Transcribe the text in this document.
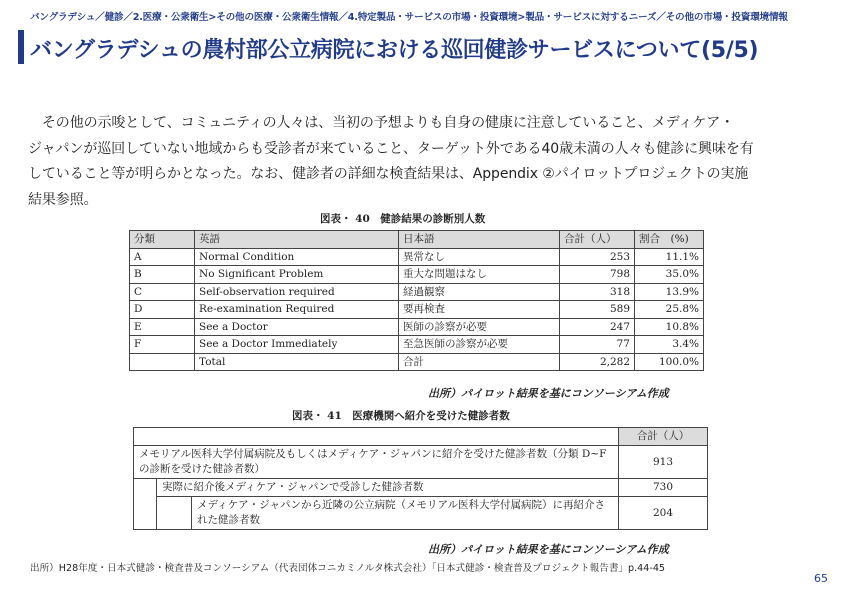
バングラデシュ／健診／2.医療・公衆衛生>その他の医療・公衆衛生情報／4.特定製品・サービスの市場・投資環境>製品・サービスに対するニーズ／その他の市場・投資環境情報
バングラデシュの農村部公立病院における巡回健診サービスについて(5/5)
　その他の示唆として、コミュニティの人々は、当初の予想よりも自身の健康に注意していること、メディケア・
ジャパンが巡回していない地域からも受診者が来ていること、ターゲット外である40歳未満の人々も健診に興味を有
していること等が明らかとなった。なお、健診者の詳細な検査結果は、Appendix ②パイロットプロジェクトの実施
結果参照。
図表・ 40　健診結果の診断別人数
分類	英語	日本語	合計（人）	割合　(%)
A	Normal Condition	異常なし	253	11.1%
B	No Significant Problem	重大な問題はなし	798	35.0%
C	Self-observation required	経過観察	318	13.9%
D	Re-examination Required	要再検査	589	25.8%
E	See a Doctor	医師の診察が必要	247	10.8%
F	See a Doctor Immediately	至急医師の診察が必要	77	3.4%
	Total	合計	2,282	100.0%
出所）パイロット結果を基にコンソーシアム作成
図表・ 41　医療機関へ紹介を受けた健診者数
			合計（人）
メモリアル医科大学付属病院及もしくはメディケア・ジャパンに紹介を受けた健診者数（分類 D~F の診断を受けた健診者数）			913
	実際に紹介後メディケア・ジャパンで受診した健診者数		730
		メディケア・ジャパンから近隣の公立病院（メモリアル医科大学付属病院）に再紹介された健診者数	204
出所）パイロット結果を基にコンソーシアム作成
出所）H28年度・日本式健診・検査普及コンソーシアム（代表団体コニカミノルタ株式会社）「日本式健診・検査普及プロジェクト報告書」p.44-45
65
